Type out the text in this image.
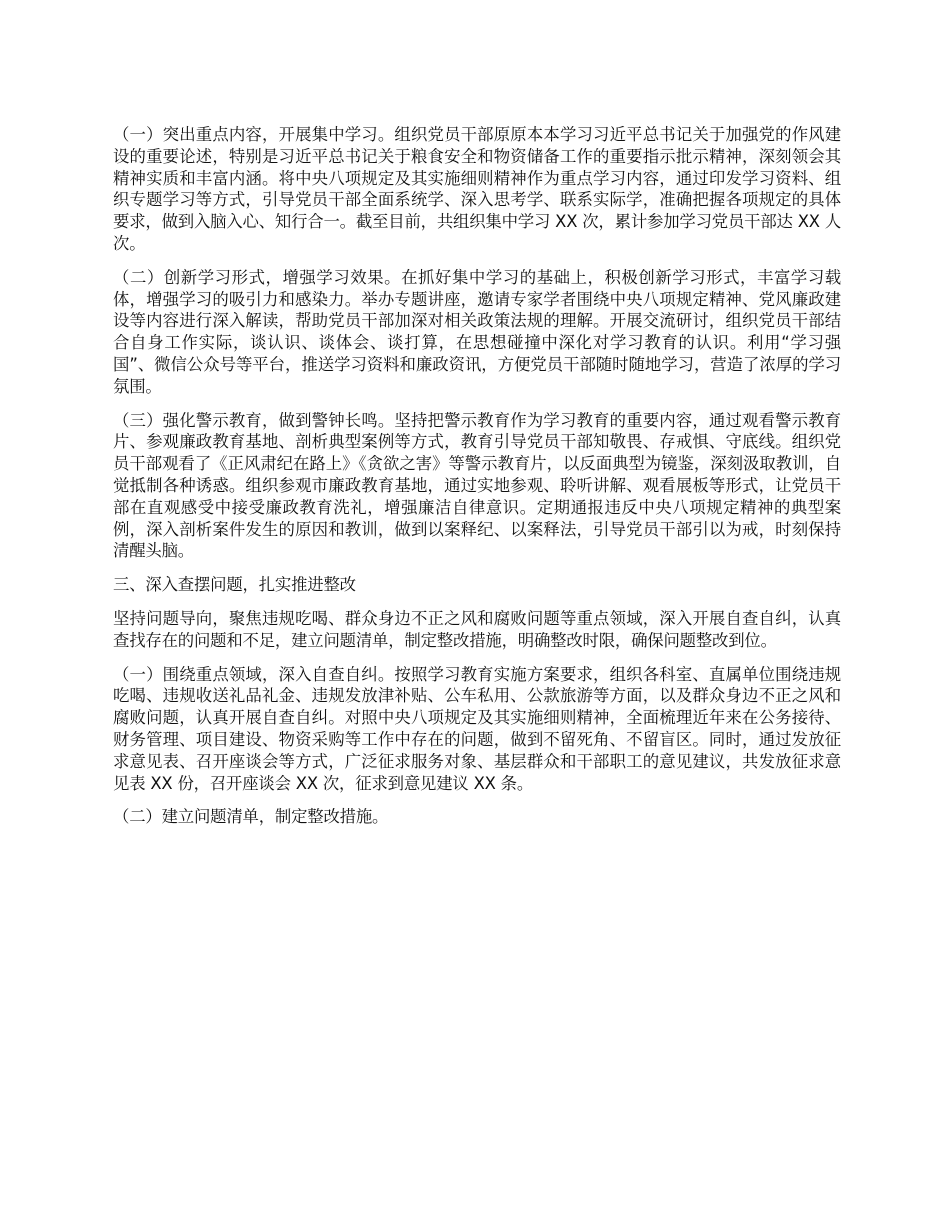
（一）突出重点内容，开展集中学习。组织党员干部原原本本学习习近平总书记关于加强党的作风建设的重要论述，特别是习近平总书记关于粮食安全和物资储备工作的重要指示批示精神，深刻领会其精神实质和丰富内涵。将中央八项规定及其实施细则精神作为重点学习内容，通过印发学习资料、组织专题学习等方式，引导党员干部全面系统学、深入思考学、联系实际学，准确把握各项规定的具体要求，做到入脑入心、知行合一。截至目前，共组织集中学习 XX 次，累计参加学习党员干部达 XX 人次。

（二）创新学习形式，增强学习效果。在抓好集中学习的基础上，积极创新学习形式，丰富学习载体，增强学习的吸引力和感染力。举办专题讲座，邀请专家学者围绕中央八项规定精神、党风廉政建设等内容进行深入解读，帮助党员干部加深对相关政策法规的理解。开展交流研讨，组织党员干部结合自身工作实际，谈认识、谈体会、谈打算，在思想碰撞中深化对学习教育的认识。利用“学习强国”、微信公众号等平台，推送学习资料和廉政资讯，方便党员干部随时随地学习，营造了浓厚的学习氛围。

（三）强化警示教育，做到警钟长鸣。坚持把警示教育作为学习教育的重要内容，通过观看警示教育片、参观廉政教育基地、剖析典型案例等方式，教育引导党员干部知敬畏、存戒惧、守底线。组织党员干部观看了《正风肃纪在路上》《贪欲之害》等警示教育片，以反面典型为镜鉴，深刻汲取教训，自觉抵制各种诱惑。组织参观市廉政教育基地，通过实地参观、聆听讲解、观看展板等形式，让党员干部在直观感受中接受廉政教育洗礼，增强廉洁自律意识。定期通报违反中央八项规定精神的典型案例，深入剖析案件发生的原因和教训，做到以案释纪、以案释法，引导党员干部引以为戒，时刻保持清醒头脑。

三、深入查摆问题，扎实推进整改

坚持问题导向，聚焦违规吃喝、群众身边不正之风和腐败问题等重点领域，深入开展自查自纠，认真查找存在的问题和不足，建立问题清单，制定整改措施，明确整改时限，确保问题整改到位。

（一）围绕重点领域，深入自查自纠。按照学习教育实施方案要求，组织各科室、直属单位围绕违规吃喝、违规收送礼品礼金、违规发放津补贴、公车私用、公款旅游等方面，以及群众身边不正之风和腐败问题，认真开展自查自纠。对照中央八项规定及其实施细则精神，全面梳理近年来在公务接待、财务管理、项目建设、物资采购等工作中存在的问题，做到不留死角、不留盲区。同时，通过发放征求意见表、召开座谈会等方式，广泛征求服务对象、基层群众和干部职工的意见建议，共发放征求意见表 XX 份，召开座谈会 XX 次，征求到意见建议 XX 条。

（二）建立问题清单，制定整改措施。
